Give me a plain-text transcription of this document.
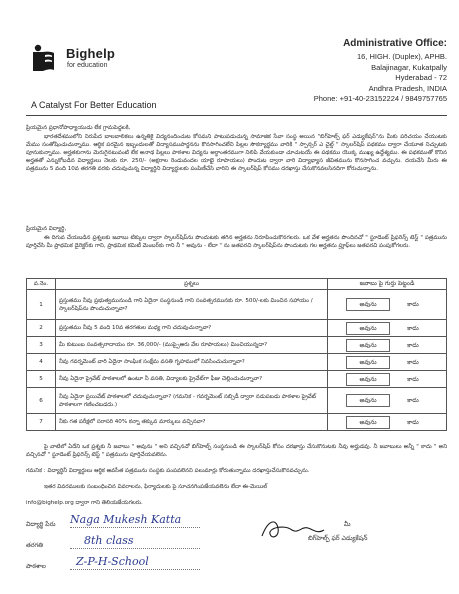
Bighelp
for education
A Catalyst For Better Education
Administrative Office:
16, HIGH. (Duplex), APHB.
Balajinagar, Kukatpally
Hyderabad - 72
Andhra Pradesh, INDIA
Phone: +91-40-23152224 / 9849757765
ప్రియమైన ప్రధానోపాధ్యాయుడు లేక గ్రామపెద్దలకి,
భారతదేశములోని నిరుపేద బాలబాలికలు ఉన్నతికై విద్యనందించుట కోసమని పాటుపడుచున్న సామాజిక సేవా సంస్థ అయిన "బిగ్‌హెల్ప్ ఫర్ ఎడ్యుకేషన్"ను మీకు పరిచయం చేయుటకు మేము సంతోషించుచున్నాము. ఆర్థిక పరమైన ఇబ్బందులతో విద్యాసముపార్జనను కొనసాగించలేని పిల్లల సౌకర్యార్థము వారికి " స్పాన్సర్ ఎ చైల్డ్ " స్కాలర్‌షిప్ పథకము ద్వారా చేయూత నిచ్చుటకు పూనుకున్నాము. అర్హతకుగాను మెరుగైనటువంటి లేక అనాథ పిల్లలు పాఠశాల విద్యను అర్ధాంతరముగా నిలిపి వేయకుండా చూచుటయే ఈ పథకము యొక్క ముఖ్య ఉద్దేశ్యము. ఈ పథకముతో కొనిన అర్హతతో ఎన్నుకోబడిన విద్యార్థులు నెలకు రూ. 250/- (అక్షరాల రెండువందల యాభై రూపాయలు) పొందుట ద్వారా వారి విద్యాభ్యాస జీవితమును కొనసాగించ వచ్చును. దయచేసి మీరు ఈ పత్రమును 5 వంది 10వ తరగతి వరకు చదువుచున్న విద్యార్థిని విద్యార్థులకు పంపిణీచేసి వారిని ఈ స్కాలర్‌షిప్ కోసము దరఖాస్తు చేసుకొనవలసినదిగా కోరుచున్నాను.
ప్రియమైన విద్యార్థి,
ఈ దిగువ చేయబడిన ప్రశ్నలకు జవాబు టిక్కుల ద్వారా స్కాలర్‌షిప్‌ను పొందుటకు తగిన అర్హతను నిరూపించుకొనగలరు. ఒక వేళ అర్హతను పొందినచో " స్టూడెంట్ ప్రిఫరెన్స్ టెస్ట్ " పత్రమును పూర్తిచేసి మీ ప్రాథమిక డైరెక్టర్‌కు గాని, ప్రాథమిక కమిటీ మెంబర్‌కు గాని నీ " అవును - లేదా " ను జతపరచి స్కాలర్‌షిప్‌ను పొందుటకు గల అర్హతను ప్రూఫ్‌లు జతపరచి పంపుకోగలరు.
వ.నెం.	ప్రశ్నలు	జవాబు పై గుర్తు పెట్టండి
1	ప్రస్తుతము నీవు ప్రభుత్వమునుండి గాని ఏదైనా సంస్థనుండి గాని సంవత్సరమునకు రూ. 500/-లకు మించిన సహాయం / స్కాలర్‌షిప్‌ను పొందుచున్నావా?	అవును కాదు
2	ప్రస్తుతము నీవు 5 వంది 10వ తరగతుల మధ్య గాని చదువుచున్నావా?	అవును కాదు
3	మీ కుటుంబ సంవత్సరాదాయం రూ. 36,000/- (ముప్పైఆరు వేల రూపాయలు) మించియున్నదా?	అవును కాదు
4	నీవు గవర్నమెంట్ వారి ఏదైనా సాంఘిక సంక్షేమ వసతి గృహములో నివసించుచున్నావా?	అవును కాదు
5	నీవు ఏదైనా ప్రైవేట్ పాఠశాలలో ఉంటూ నీ వసతి, విద్యాలకు ప్రైవేట్‌గా ఫీజు చెల్లించుచున్నావా?	అవును కాదు
6	నీవు ఏదైనా ప్రయివేట్ పాఠశాలలో చదువుచున్నావా? (గమనిక - గవర్నమెంట్ సబ్సిడీ ద్వారా నడుపబడు పాఠశాల ప్రైవేట్ పాఠశాలగా గణించబడదు.)	అవును కాదు
7	నీకు గత పరీక్షలో సరాసరి 40% కన్నా తక్కువ మార్కులు వచ్చినవా?	అవును కాదు
పై వాటిలో ఏదేని ఒక ప్రశ్నకు నీ జవాబు " అవును " అని వచ్చినచో బిగ్‌హెల్ప్ సంస్థనుండి ఈ స్కాలర్‌షిప్ కోసం దరఖాస్తు చేసుకొనుటకు నీవు అర్హుడవు. నీ జవాబులు అన్నీ " కాదు " అని వచ్చినచో " స్టూడెంట్ ప్రిఫరెన్స్ టెస్ట్ " పత్రమును పూర్తిచేయవలెను.
గమనిక : విద్యార్థినీ విద్యార్థులు ఆర్థిక ఆవసీత పత్రమును సంస్థకు పంపవలెనని పలుమార్లు కోరుతున్నాము దరఖాస్తుచేసుకొనవచ్చును.
ఇతర వివరములకు సంబంధించిన వివరాలను, ఫిర్యాదులకు పై సూచనగింపజేయవలెను లేదా ఈ-మెయిల్
info@bighelp.org ద్వారా గాని తెలియజేయగలరు.
విద్యార్థి పేరు Naga Mukesh Katta
తరగతి	8th class
పాఠశాల	Z-P-H-School
మీ
బిగ్‌హెల్ప్ ఫర్ ఎడ్యుకేషన్
